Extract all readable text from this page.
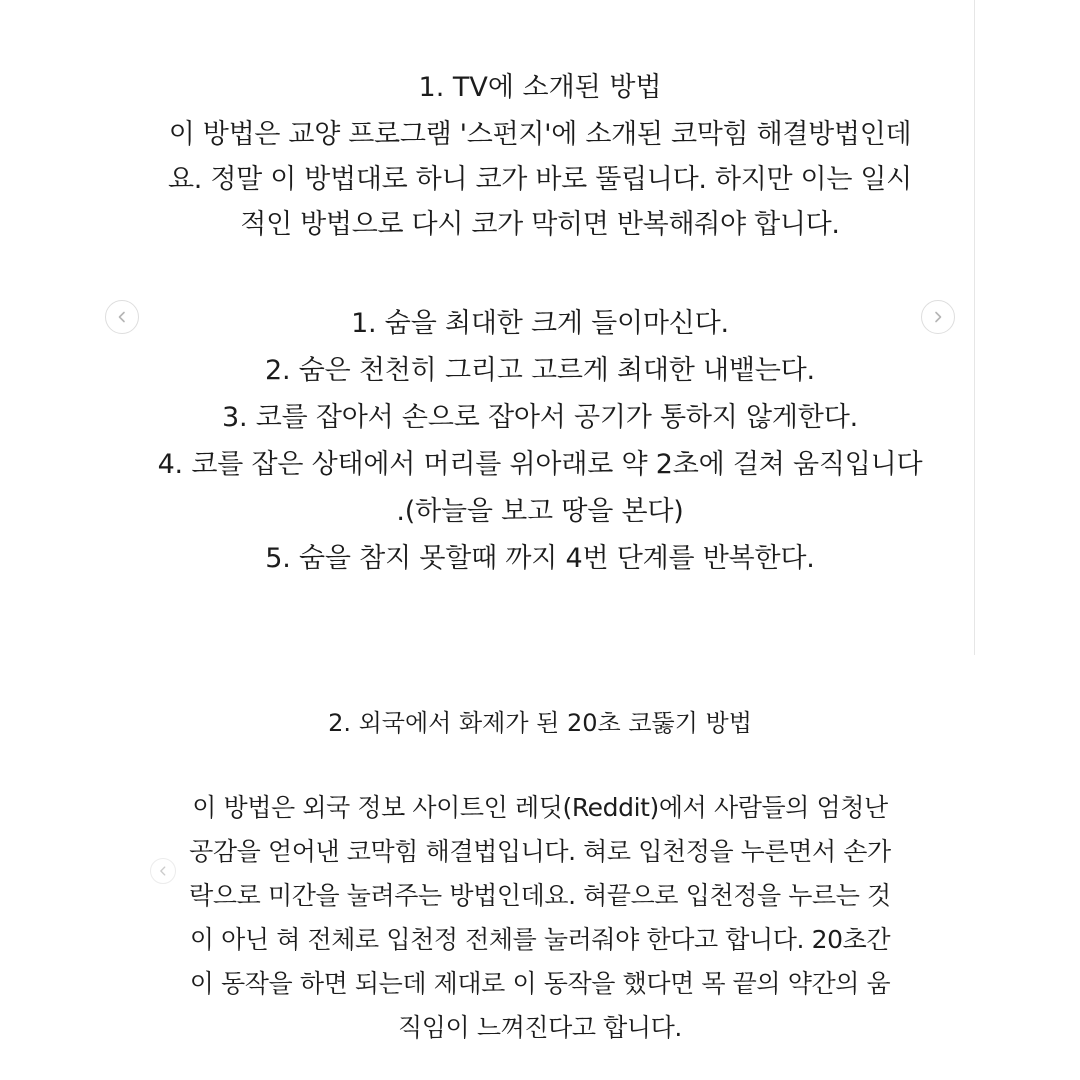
1. TV에 소개된 방법

이 방법은 교양 프로그램 '스펀지'에 소개된 코막힘 해결방법인데
요. 정말 이 방법대로 하니 코가 바로 뚤립니다. 하지만 이는 일시
적인 방법으로 다시 코가 막히면 반복해줘야 합니다.

1. 숨을 최대한 크게 들이마신다.
2. 숨은 천천히 그리고 고르게 최대한 내뱉는다.
3. 코를 잡아서 손으로 잡아서 공기가 통하지 않게한다.
4. 코를 잡은 상태에서 머리를 위아래로 약 2초에 걸쳐 움직입니다
.(하늘을 보고 땅을 본다)
5. 숨을 참지 못할때 까지 4번 단계를 반복한다.
2. 외국에서 화제가 된 20초 코뚫기 방법

이 방법은 외국 정보 사이트인 레딧(Reddit)에서 사람들의 엄청난
공감을 얻어낸 코막힘 해결법입니다. 혀로 입천정을 누른면서 손가
락으로 미간을 눌려주는 방법인데요. 혀끝으로 입천정을 누르는 것
이 아닌 혀 전체로 입천정 전체를 눌러줘야 한다고 합니다. 20초간
이 동작을 하면 되는데 제대로 이 동작을 했다면 목 끝의 약간의 움
직임이 느껴진다고 합니다.
